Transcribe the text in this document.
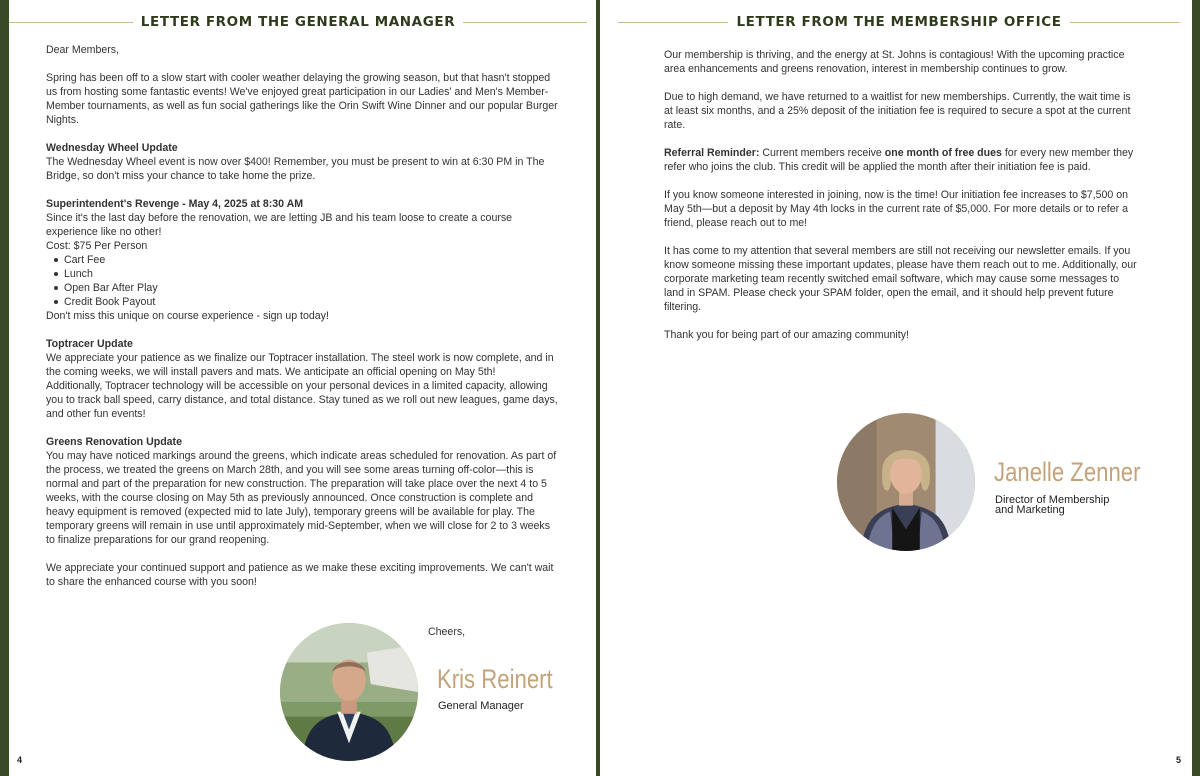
LETTER FROM THE GENERAL MANAGER

Dear Members,

Spring has been off to a slow start with cooler weather delaying the growing season, but that hasn't stopped us from hosting some fantastic events! We've enjoyed great participation in our Ladies' and Men's Member-Member tournaments, as well as fun social gatherings like the Orin Swift Wine Dinner and our popular Burger Nights.

Wednesday Wheel Update

The Wednesday Wheel event is now over $400! Remember, you must be present to win at 6:30 PM in The Bridge, so don't miss your chance to take home the prize.

Superintendent's Revenge - May 4, 2025 at 8:30 AM

Since it's the last day before the renovation, we are letting JB and his team loose to create a course experience like no other!

Cost: $75 Per Person

Cart Fee
Lunch
Open Bar After Play
Credit Book Payout

Don't miss this unique on course experience - sign up today!

Toptracer Update

We appreciate your patience as we finalize our Toptracer installation. The steel work is now complete, and in the coming weeks, we will install pavers and mats. We anticipate an official opening on May 5th!

Additionally, Toptracer technology will be accessible on your personal devices in a limited capacity, allowing you to track ball speed, carry distance, and total distance. Stay tuned as we roll out new leagues, game days, and other fun events!

Greens Renovation Update

You may have noticed markings around the greens, which indicate areas scheduled for renovation. As part of the process, we treated the greens on March 28th, and you will see some areas turning off-color—this is normal and part of the preparation for new construction. The preparation will take place over the next 4 to 5 weeks, with the course closing on May 5th as previously announced. Once construction is complete and heavy equipment is removed (expected mid to late July), temporary greens will be available for play. The temporary greens will remain in use until approximately mid-September, when we will close for 2 to 3 weeks to finalize preparations for our grand reopening.

We appreciate your continued support and patience as we make these exciting improvements. We can't wait to share the enhanced course with you soon!

Cheers,
Kris Reinert
General Manager
4
LETTER FROM THE MEMBERSHIP OFFICE

Our membership is thriving, and the energy at St. Johns is contagious! With the upcoming practice area enhancements and greens renovation, interest in membership continues to grow.

Due to high demand, we have returned to a waitlist for new memberships. Currently, the wait time is at least six months, and a 25% deposit of the initiation fee is required to secure a spot at the current rate.

Referral Reminder: Current members receive one month of free dues for every new member they refer who joins the club. This credit will be applied the month after their initiation fee is paid.

If you know someone interested in joining, now is the time! Our initiation fee increases to $7,500 on May 5th—but a deposit by May 4th locks in the current rate of $5,000. For more details or to refer a friend, please reach out to me!

It has come to my attention that several members are still not receiving our newsletter emails. If you know someone missing these important updates, please have them reach out to me. Additionally, our corporate marketing team recently switched email software, which may cause some messages to land in SPAM. Please check your SPAM folder, open the email, and it should help prevent future filtering.

Thank you for being part of our amazing community!

Janelle Zenner
Director of Membership
and Marketing
5
